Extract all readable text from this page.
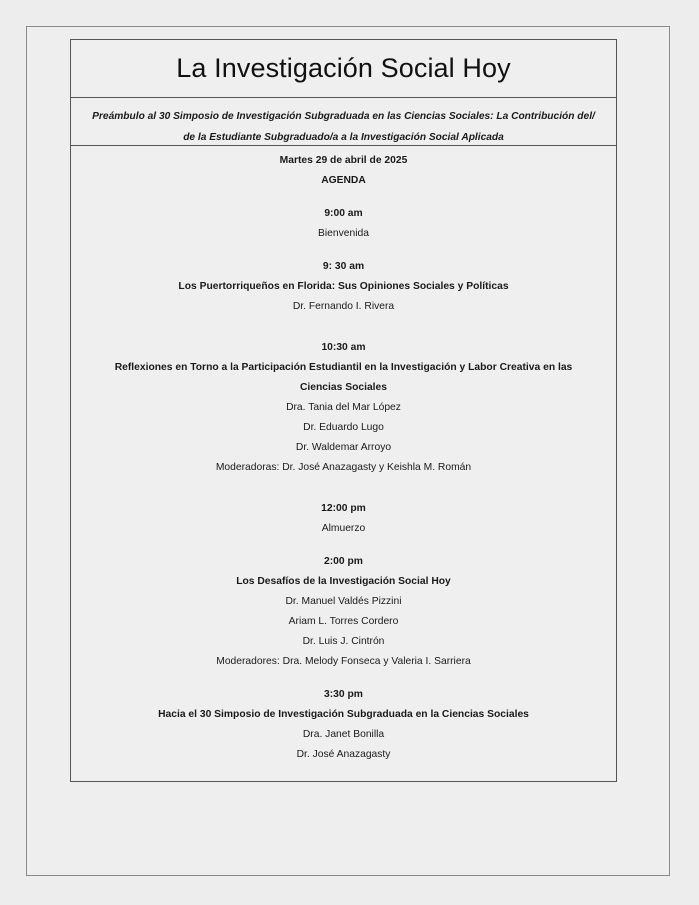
La Investigación Social Hoy

Preámbulo al 30 Simposio de Investigación Subgraduada en las Ciencias Sociales: La Contribución del/

de la Estudiante Subgraduado/a a la Investigación Social Aplicada

Martes 29 de abril de 2025
AGENDA
9:00 am
Bienvenida
9: 30 am
Los Puertorriqueños en Florida: Sus Opiniones Sociales y Políticas
Dr. Fernando I. Rivera
10:30 am
Reflexiones en Torno a la Participación Estudiantil en la Investigación y Labor Creativa en las
Ciencias Sociales
Dra. Tania del Mar López
Dr. Eduardo Lugo
Dr. Waldemar Arroyo
Moderadoras: Dr. José Anazagasty y Keishla M. Román
12:00 pm
Almuerzo
2:00 pm
Los Desafíos de la Investigación Social Hoy
Dr. Manuel Valdés Pizzini
Ariam L. Torres Cordero
Dr. Luis J. Cintrón
Moderadores: Dra. Melody Fonseca y Valeria I. Sarriera
3:30 pm
Hacia el 30 Simposio de Investigación Subgraduada en la Ciencias Sociales
Dra. Janet Bonilla
Dr. José Anazagasty
